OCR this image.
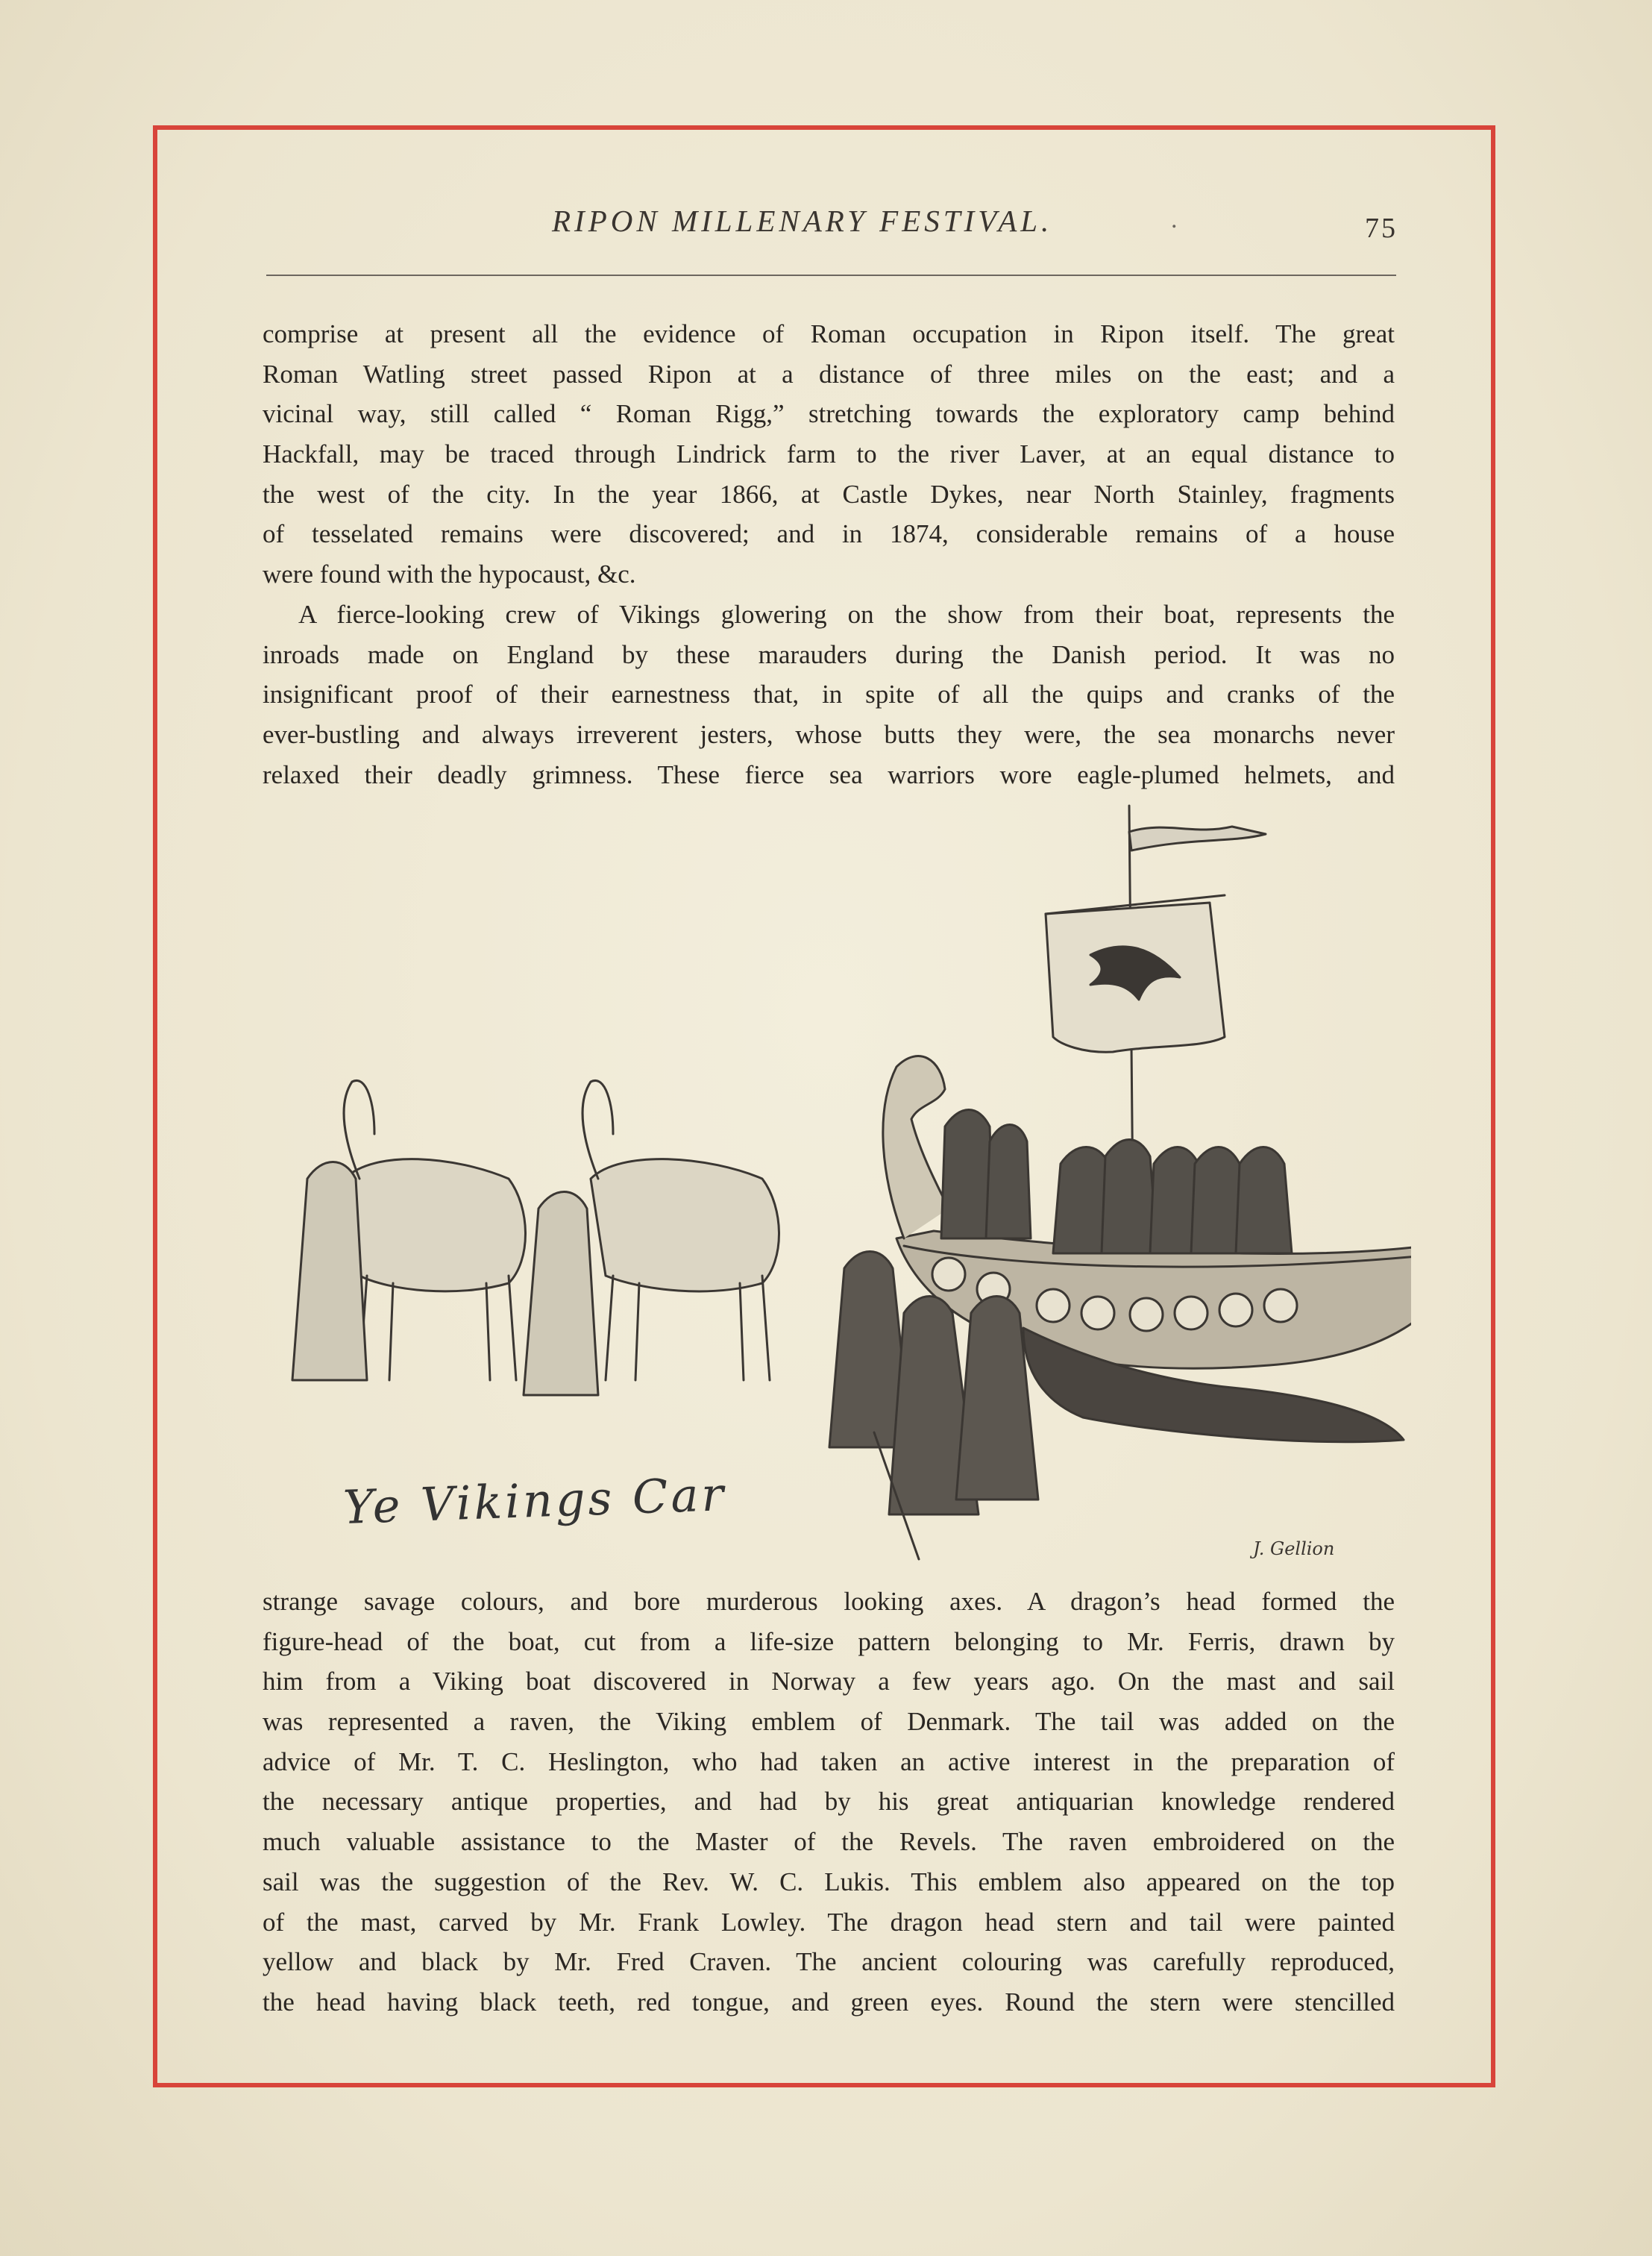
RIPON MILLENARY FESTIVAL.	.	75
comprise at present all the evidence of Roman occupation in Ripon itself. The great
Roman Watling street passed Ripon at a distance of three miles on the east; and a
vicinal way, still called “ Roman Rigg,” stretching towards the exploratory camp behind
Hackfall, may be traced through Lindrick farm to the river Laver, at an equal distance to
the west of the city. In the year 1866, at Castle Dykes, near North Stainley, fragments
of tesselated remains were discovered; and in 1874, considerable remains of a house
were found with the hypocaust, &c.
A fierce-looking crew of Vikings glowering on the show from their boat, represents the
inroads made on England by these marauders during the Danish period. It was no
insignificant proof of their earnestness that, in spite of all the quips and cranks of the
ever-bustling and always irreverent jesters, whose butts they were, the sea monarchs never
relaxed their deadly grimness. These fierce sea warriors wore eagle-plumed helmets, and
Ye Vikings Car
J. Gellion
strange savage colours, and bore murderous looking axes. A dragon’s head formed the
figure-head of the boat, cut from a life-size pattern belonging to Mr. Ferris, drawn by
him from a Viking boat discovered in Norway a few years ago. On the mast and sail
was represented a raven, the Viking emblem of Denmark. The tail was added on the
advice of Mr. T. C. Heslington, who had taken an active interest in the preparation of
the necessary antique properties, and had by his great antiquarian knowledge rendered
much valuable assistance to the Master of the Revels. The raven embroidered on the
sail was the suggestion of the Rev. W. C. Lukis. This emblem also appeared on the top
of the mast, carved by Mr. Frank Lowley. The dragon head stern and tail were painted
yellow and black by Mr. Fred Craven. The ancient colouring was carefully reproduced,
the head having black teeth, red tongue, and green eyes. Round the stern were stencilled
